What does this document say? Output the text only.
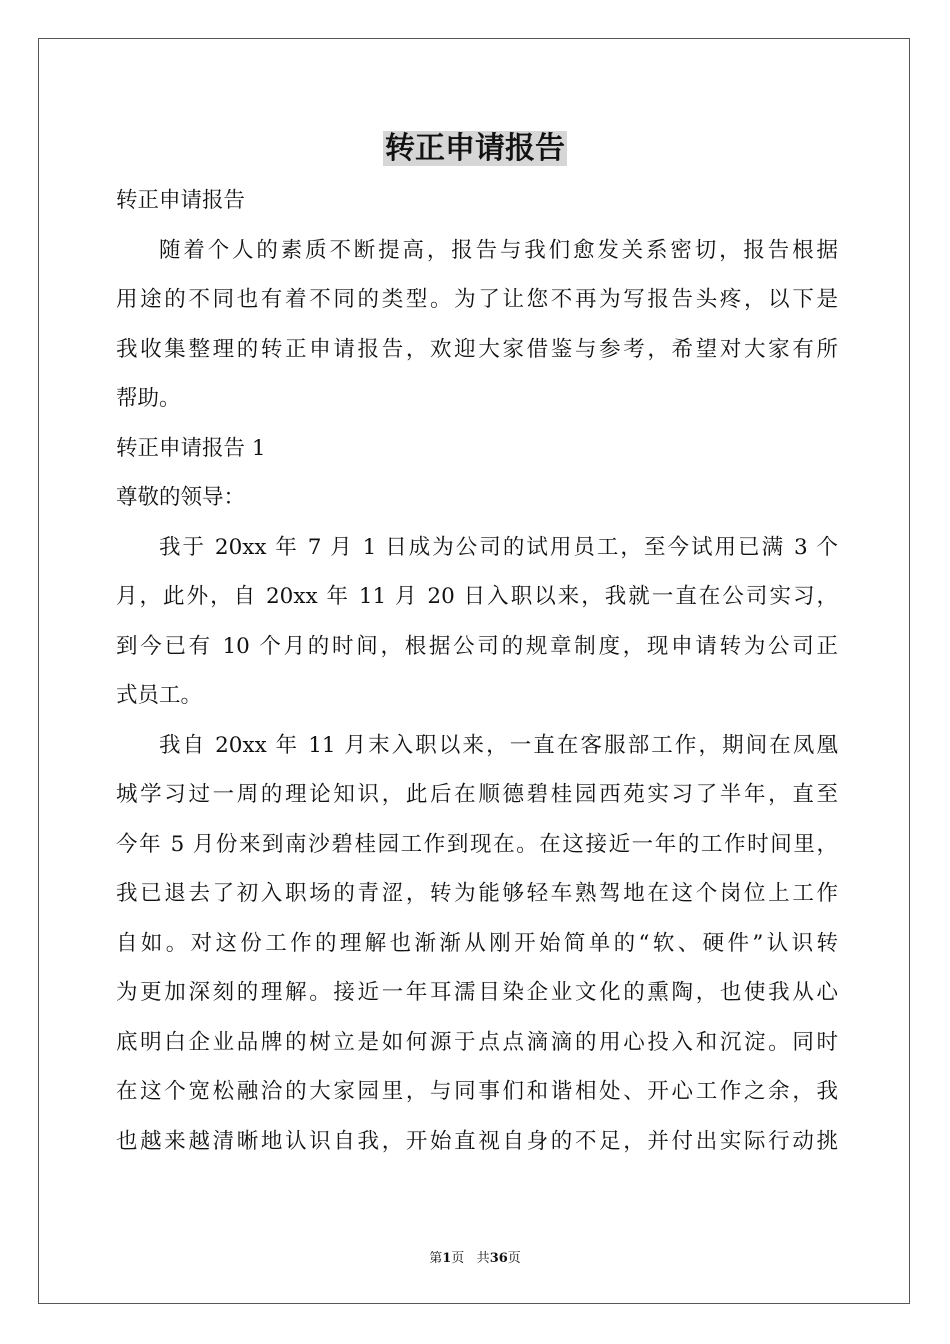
转正申请报告
转正申请报告
随着个人的素质不断提高，报告与我们愈发关系密切，报告根据
用途的不同也有着不同的类型。为了让您不再为写报告头疼，以下是
我收集整理的转正申请报告，欢迎大家借鉴与参考，希望对大家有所
帮助。
转正申请报告 1
尊敬的领导：
我于 20xx 年 7 月 1 日成为公司的试用员工，至今试用已满 3 个
月，此外，自 20xx 年 11 月 20 日入职以来，我就一直在公司实习，
到今已有 10 个月的时间，根据公司的规章制度，现申请转为公司正
式员工。
我自 20xx 年 11 月末入职以来，一直在客服部工作，期间在凤凰
城学习过一周的理论知识，此后在顺德碧桂园西苑实习了半年，直至
今年 5 月份来到南沙碧桂园工作到现在。在这接近一年的工作时间里，
我已退去了初入职场的青涩，转为能够轻车熟驾地在这个岗位上工作
自如。对这份工作的理解也渐渐从刚开始简单的“软、硬件”认识转
为更加深刻的理解。接近一年耳濡目染企业文化的熏陶，也使我从心
底明白企业品牌的树立是如何源于点点滴滴的用心投入和沉淀。同时
在这个宽松融洽的大家园里，与同事们和谐相处、开心工作之余，我
也越来越清晰地认识自我，开始直视自身的不足，并付出实际行动挑
第1页 共36页
